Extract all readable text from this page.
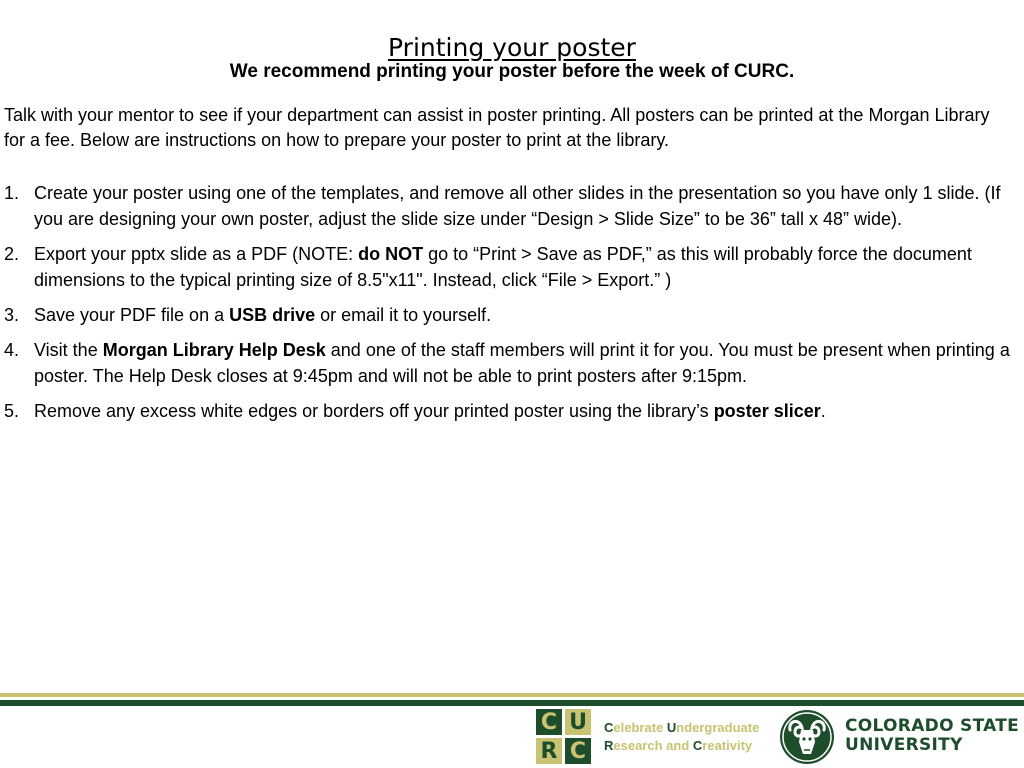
Printing your poster
We recommend printing your poster before the week of CURC.

Talk with your mentor to see if your department can assist in poster printing. All posters can be printed at the Morgan Library for a fee. Below are instructions on how to prepare your poster to print at the library.

1. Create your poster using one of the templates, and remove all other slides in the presentation so you have only 1 slide. (If you are designing your own poster, adjust the slide size under “Design > Slide Size” to be 36” tall x 48” wide).
2. Export your pptx slide as a PDF (NOTE: do NOT go to “Print > Save as PDF,” as this will probably force the document dimensions to the typical printing size of 8.5"x11". Instead, click “File > Export.” )
3. Save your PDF file on a USB drive or email it to yourself.
4. Visit the Morgan Library Help Desk and one of the staff members will print it for you. You must be present when printing a poster. The Help Desk closes at 9:45pm and will not be able to print posters after 9:15pm.
5. Remove any excess white edges or borders off your printed poster using the library’s poster slicer.
C U
R C
Celebrate Undergraduate
Research and Creativity
COLORADO STATE
UNIVERSITY
